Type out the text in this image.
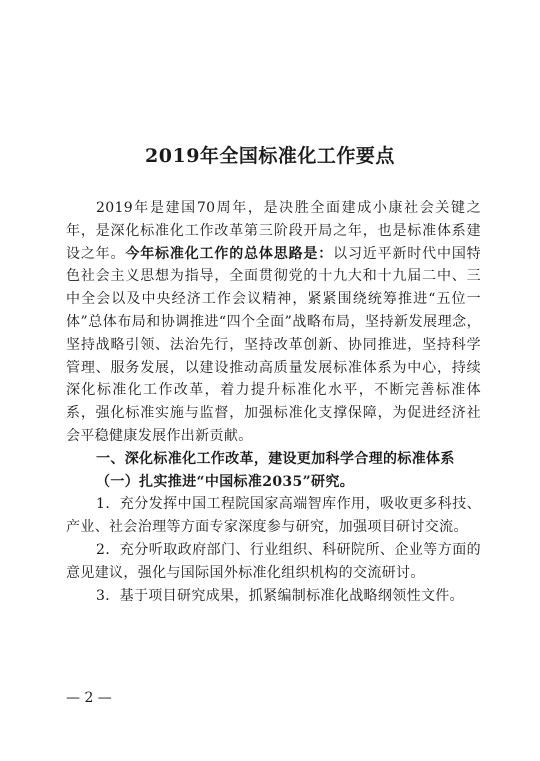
2019年全国标准化工作要点

2019年是建国70周年，是决胜全面建成小康社会关键之年，是深化标准化工作改革第三阶段开局之年，也是标准体系建设之年。今年标准化工作的总体思路是：以习近平新时代中国特色社会主义思想为指导，全面贯彻党的十九大和十九届二中、三中全会以及中央经济工作会议精神，紧紧围绕统筹推进“五位一体”总体布局和协调推进“四个全面”战略布局，坚持新发展理念，坚持战略引领、法治先行，坚持改革创新、协同推进，坚持科学管理、服务发展，以建设推动高质量发展标准体系为中心，持续深化标准化工作改革，着力提升标准化水平，不断完善标准体系，强化标准实施与监督，加强标准化支撑保障，为促进经济社会平稳健康发展作出新贡献。

一、深化标准化工作改革，建设更加科学合理的标准体系

（一）扎实推进“中国标准2035”研究。

1．充分发挥中国工程院国家高端智库作用，吸收更多科技、产业、社会治理等方面专家深度参与研究，加强项目研讨交流。

2．充分听取政府部门、行业组织、科研院所、企业等方面的意见建议，强化与国际国外标准化组织机构的交流研讨。

3．基于项目研究成果，抓紧编制标准化战略纲领性文件。

— 2 —
